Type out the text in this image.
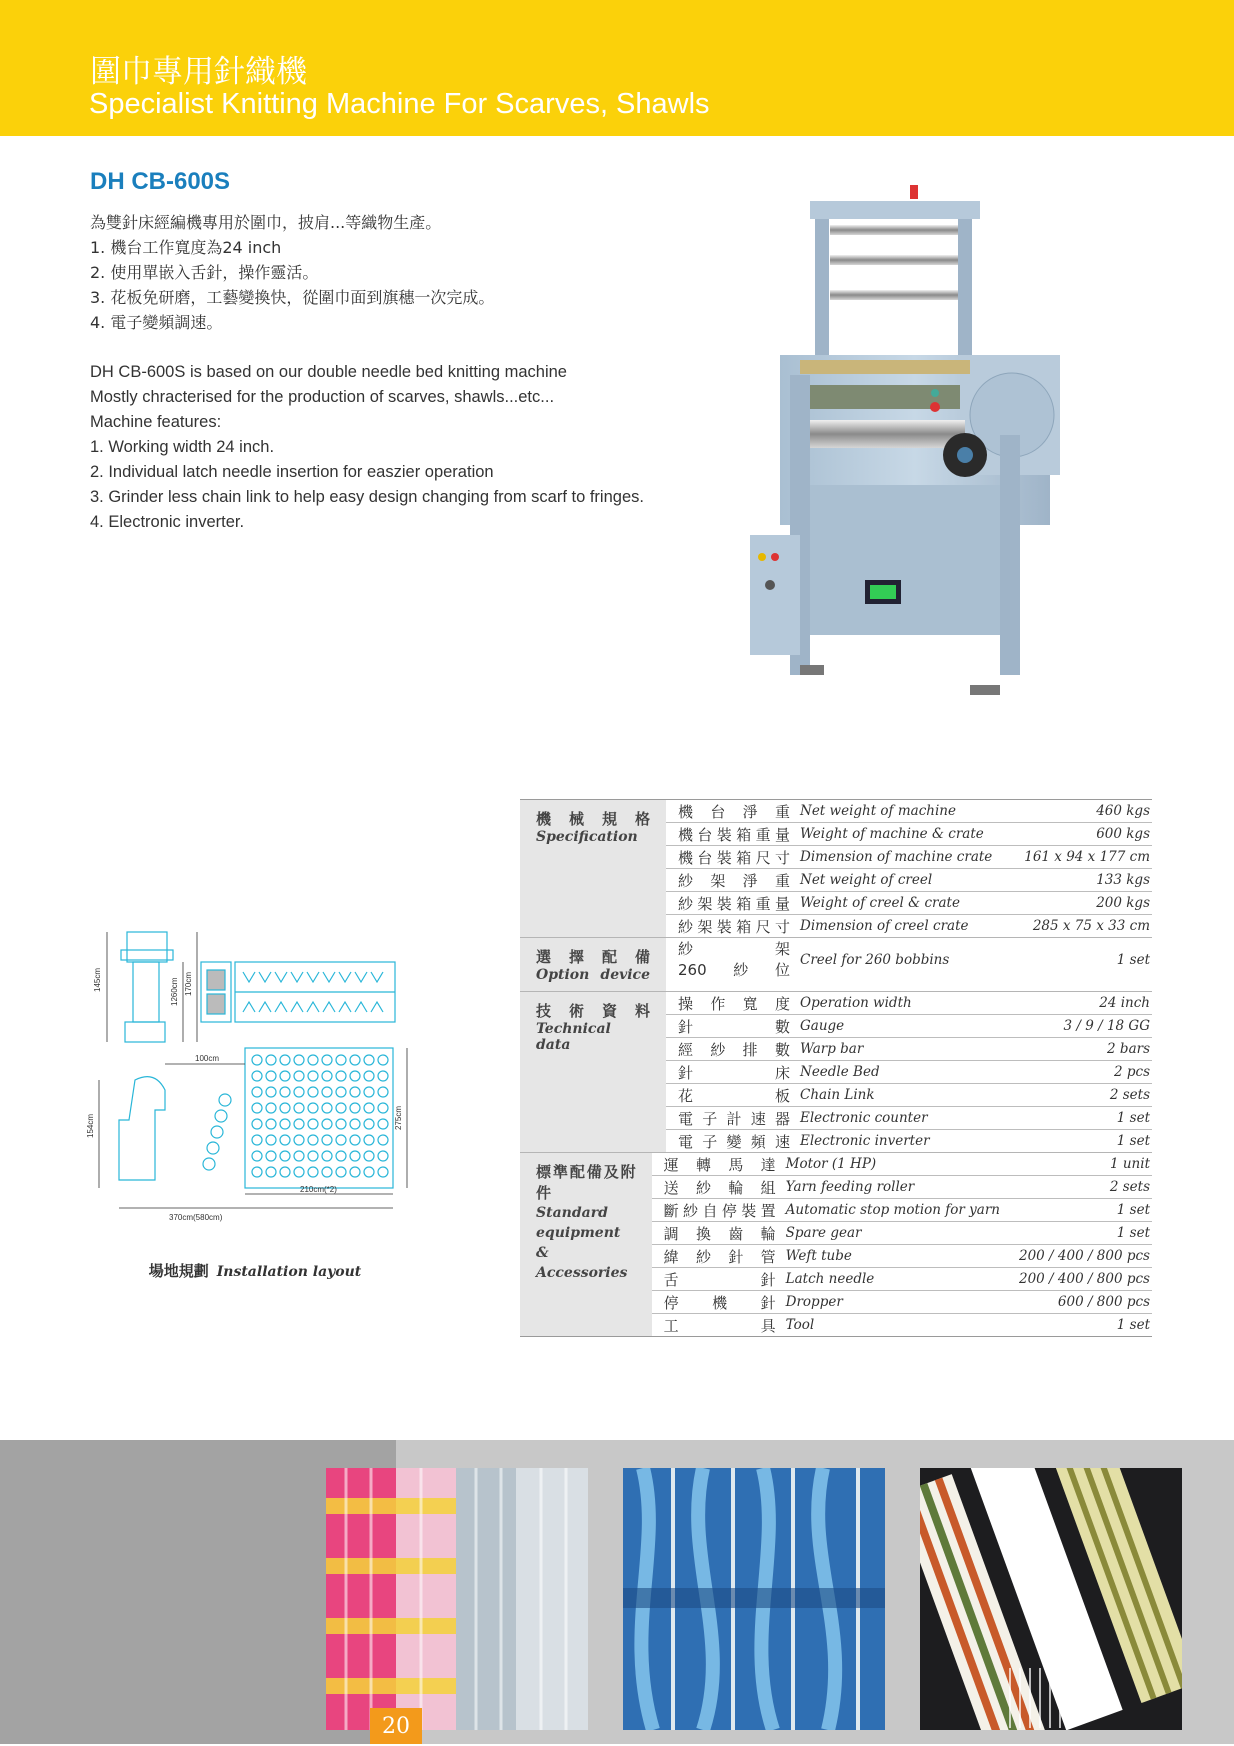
圍巾專用針織機
Specialist Knitting Machine For Scarves, Shawls
DH CB-600S
為雙針床經編機專用於圍巾，披肩...等織物生產。
1. 機台工作寬度為24 inch
2. 使用單嵌入舌針，操作靈活。
3. 花板免研磨，工藝變換快，從圍巾面到旗穗一次完成。
4. 電子變頻調速。
DH CB-600S is based on our double needle bed knitting machine
Mostly chracterised for the production of scarves, shawls...etc...
Machine features:
1. Working width 24 inch.
2. Individual latch needle insertion for easzier operation
3. Grinder less chain link to help easy design changing from scarf to fringes.
4. Electronic inverter.
145cm	1260cm 170cm
100cm
154cm	275cm
210cm(*2)
370cm(580cm)
場地規劃 Installation layout
機械規格
Specification
機台淨重 Net weight of machine	460 kgs
機台裝箱重量 Weight of machine & crate	600 kgs
機台裝箱尺寸 Dimension of machine crate	161 x 94 x 177 cm
紗架淨重 Net weight of creel	133 kgs
紗架裝箱重量 Weight of creel & crate	200 kgs
紗架裝箱尺寸 Dimension of creel crate	285 x 75 x 33 cm
選擇配備
Option device
紗架
260紗位
Creel for 260 bobbins	1 set
技術資料
Technical data
操作寬度 Operation width	24 inch
針數 Gauge	3 / 9 / 18 GG
經紗排數 Warp bar	2 bars
針床 Needle Bed	2 pcs
花板 Chain Link	2 sets
電子計速器 Electronic counter	1 set
電子變頻速 Electronic inverter	1 set
標準配備及附件
Standard
equipment &
Accessories
運轉馬達 Motor (1 HP)	1 unit
送紗輪組 Yarn feeding roller	2 sets
斷紗自停裝置 Automatic stop motion for yarn	1 set
調換齒輪 Spare gear	1 set
緯紗針管 Weft tube	200 / 400 / 800 pcs
舌針 Latch needle	200 / 400 / 800 pcs
停機針 Dropper	600 / 800 pcs
工具 Tool	1 set
20
